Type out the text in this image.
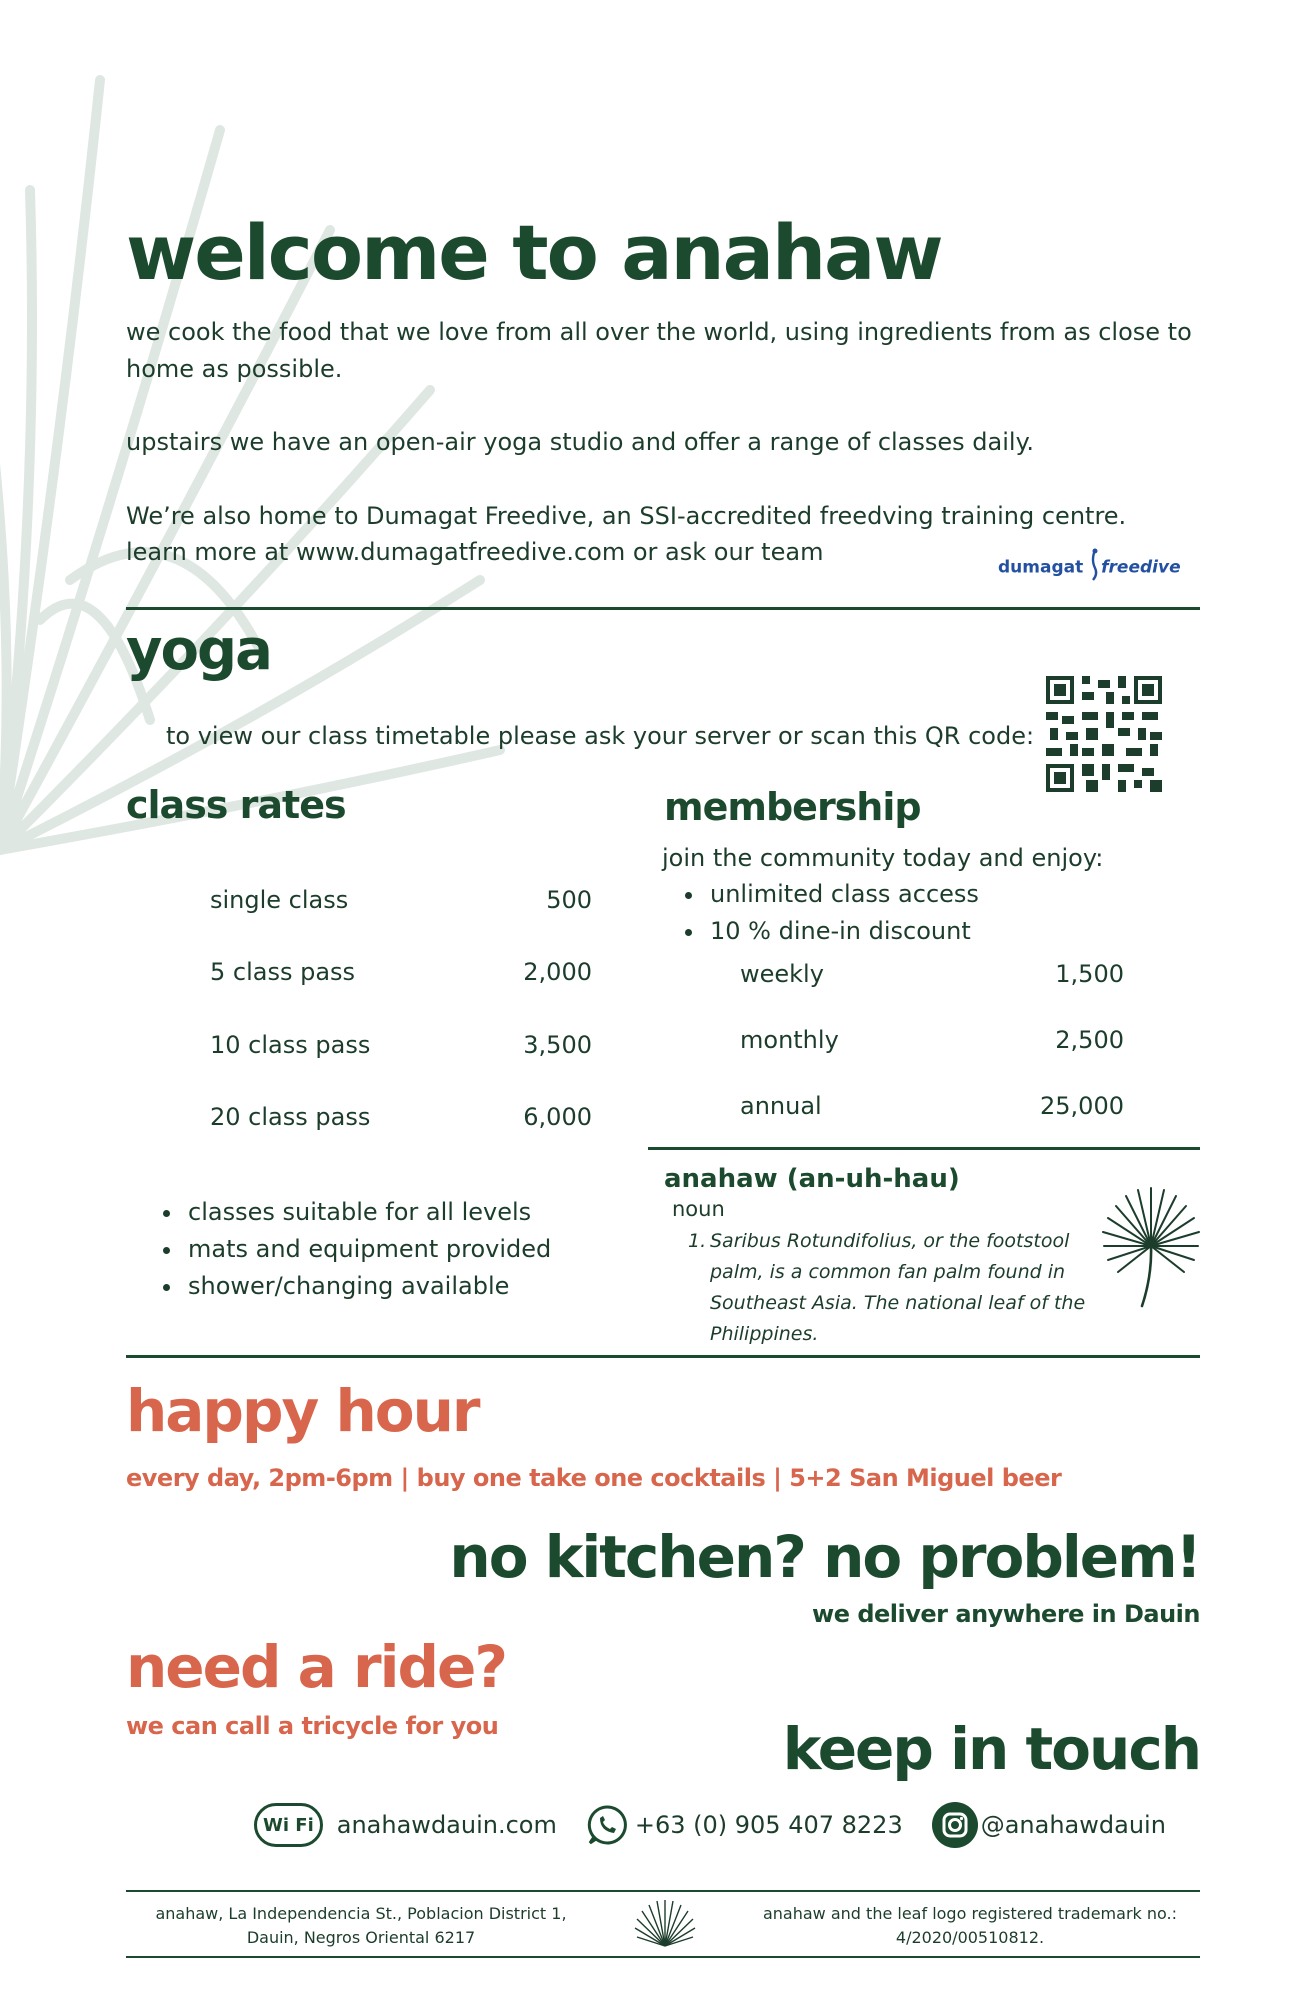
welcome to anahaw
we cook the food that we love from all over the world, using ingredients from as close to home as possible.
upstairs we have an open-air yoga studio and offer a range of classes daily.
We’re also home to Dumagat Freedive, an SSI-accredited freedving training centre.
learn more at www.dumagatfreedive.com or ask our team
dumagat freedive
yoga
to view our class timetable please ask your server or scan this QR code:
class rates
single class	500
5 class pass	2,000
10 class pass	3,500
20 class pass	6,000
• classes suitable for all levels
• mats and equipment provided
• shower/changing available
membership
join the community today and enjoy:
• unlimited class access
• 10 % dine-in discount
weekly	1,500
monthly	2,500
annual	25,000
anahaw (an-uh-hau)
noun
1. Saribus Rotundifolius, or the footstool palm, is a common fan palm found in Southeast Asia. The national leaf of the Philippines.
happy hour
every day, 2pm-6pm | buy one take one cocktails | 5+2 San Miguel beer
no kitchen? no problem!
we deliver anywhere in Dauin
need a ride?
we can call a tricycle for you	keep in touch
Wi Fi anahawdauin.com	+63 (0) 905 407 8223	@anahawdauin
anahaw, La Independencia St., Poblacion District 1,
Dauin, Negros Oriental 6217
anahaw and the leaf logo registered trademark no.:
4/2020/00510812.
